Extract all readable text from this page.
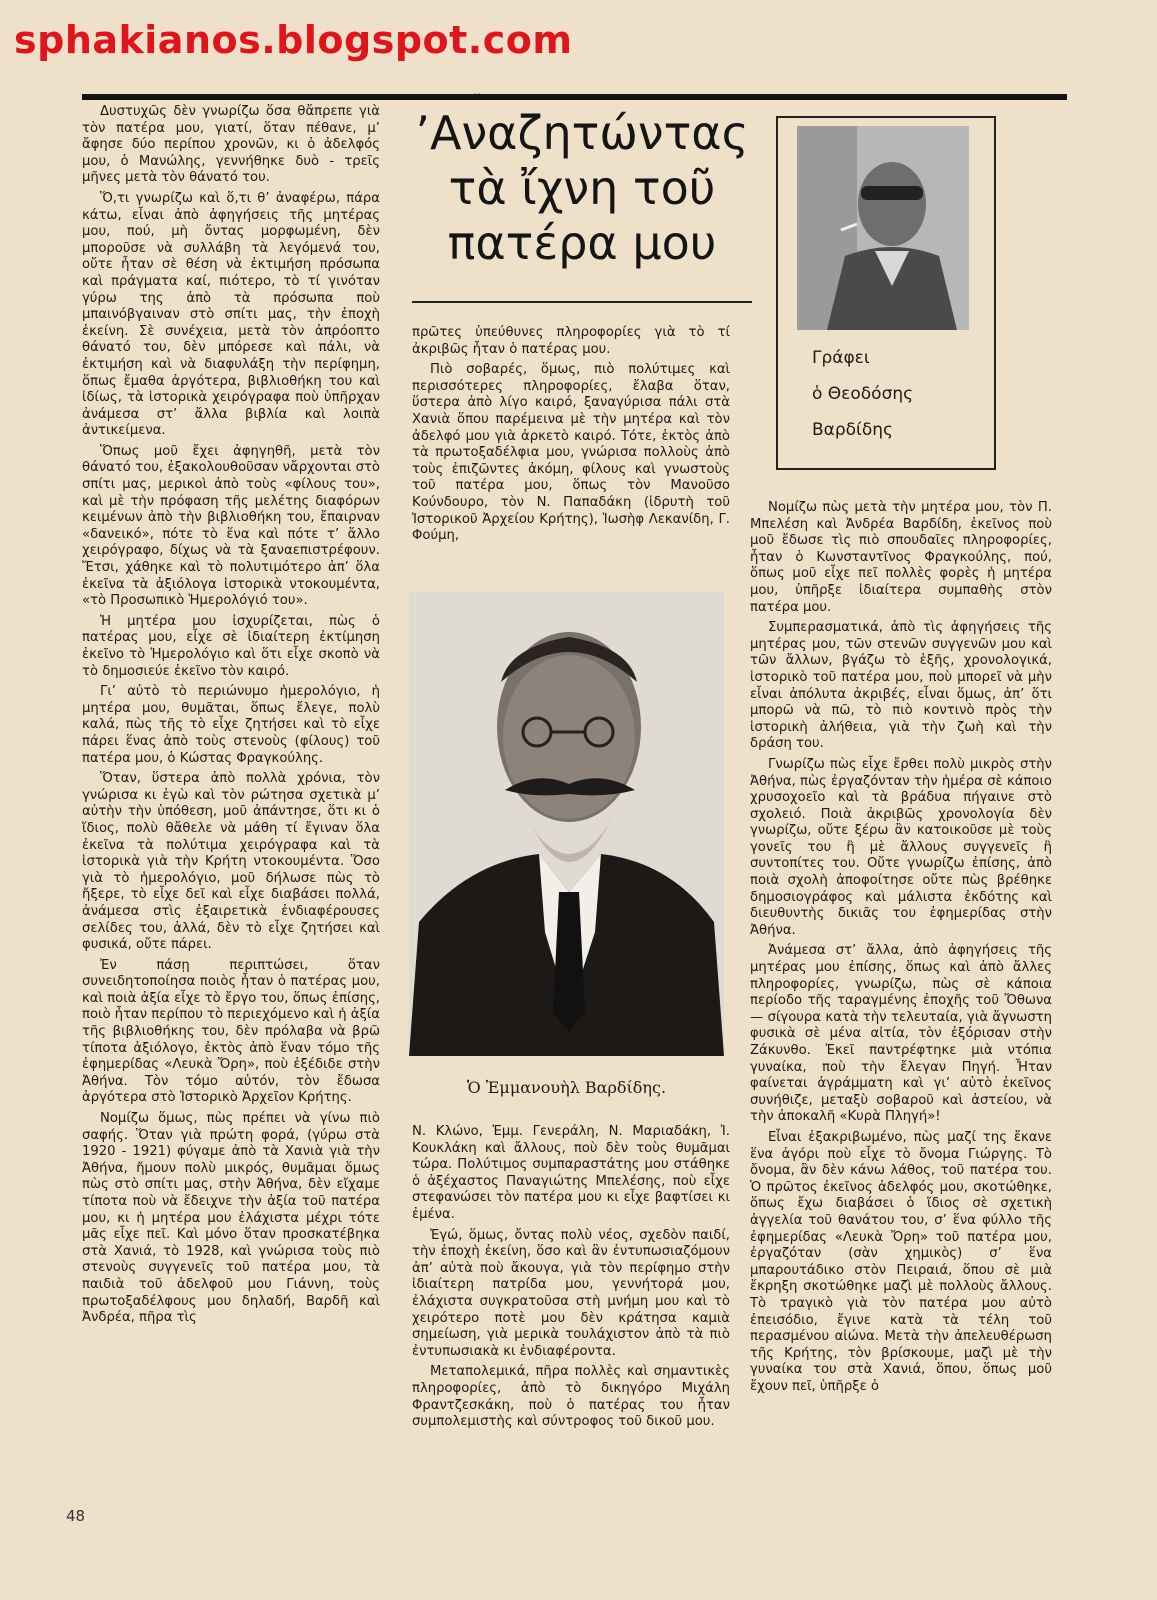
sphakianos.blogspot.com
❧

Δυστυχῶς δὲν γνωρίζω ὅσα θἄπρεπε γιὰ τὸν πατέρα μου, γιατί, ὅταν πέθανε, μ’ ἄφησε δύο περίπου χρονῶν, κι ὁ ἀδελφός μου, ὁ Μανώλης, γεννήθηκε δυὸ - τρεῖς μῆνες μετὰ τὸν θάνατό του.

Ὅ,τι γνωρίζω καὶ ὅ,τι θ’ ἀναφέρω, πάρα κάτω, εἶναι ἀπὸ ἀφηγήσεις τῆς μητέρας μου, πού, μὴ ὄντας μορφωμένη, δὲν μποροῦσε νὰ συλλάβη τὰ λεγόμενά του, οὔτε ἦταν σὲ θέση νὰ ἐκτιμήση πρόσωπα καὶ πράγματα καί, πιότερο, τὸ τί γινόταν γύρω της ἀπὸ τὰ πρόσωπα ποὺ μπαινόβγαιναν στὸ σπίτι μας, τὴν ἐποχὴ ἐκείνη. Σὲ συνέχεια, μετὰ τὸν ἀπρόοπτο θάνατό του, δὲν μπόρεσε καὶ πάλι, νὰ ἐκτιμήση καὶ νὰ διαφυλάξη τὴν περίφημη, ὅπως ἔμαθα ἀργότερα, βιβλιοθήκη του καὶ ἰδίως, τὰ ἱστορικὰ χειρόγραφα ποὺ ὑπῆρχαν ἀνάμεσα στ’ ἄλλα βιβλία καὶ λοιπὰ ἀντικείμενα.

Ὅπως μοῦ ἔχει ἀφηγηθῆ, μετὰ τὸν θάνατό του, ἐξακολουθοῦσαν νἄρχονται στὸ σπίτι μας, μερικοὶ ἀπὸ τοὺς «φίλους του», καὶ μὲ τὴν πρόφαση τῆς μελέτης διαφόρων κειμένων ἀπὸ τὴν βιβλιοθήκη του, ἔπαιρναν «δανεικό», πότε τὸ ἕνα καὶ πότε τ’ ἄλλο χειρόγραφο, δίχως νὰ τὰ ξαναεπιστρέφουν. Ἔτσι, χάθηκε καὶ τὸ πολυτιμότερο ἀπ’ ὅλα ἐκεῖνα τὰ ἀξιόλογα ἱστορικὰ ντοκουμέντα, «τὸ Προσωπικὸ Ἡμερολόγιό του».

Ἡ μητέρα μου ἰσχυρίζεται, πὼς ὁ πατέρας μου, εἶχε σὲ ἰδιαίτερη ἐκτίμηση ἐκεῖνο τὸ Ἡμερολόγιο καὶ ὅτι εἶχε σκοπὸ νὰ τὸ δημοσιεύε ἐκεῖνο τὸν καιρό.

Γι’ αὐτὸ τὸ περιώνυμο ἡμερολόγιο, ἡ μητέρα μου, θυμᾶται, ὅπως ἔλεγε, πολὺ καλά, πὼς τῆς τὸ εἶχε ζητήσει καὶ τὸ εἶχε πάρει ἕνας ἀπὸ τοὺς στενοὺς (φίλους) τοῦ πατέρα μου, ὁ Κώστας Φραγκούλης.

Ὅταν, ὕστερα ἀπὸ πολλὰ χρόνια, τὸν γνώρισα κι ἐγὼ καὶ τὸν ρώτησα σχετικὰ μ’ αὐτὴν τὴν ὑπόθεση, μοῦ ἀπάντησε, ὅτι κι ὁ ἴδιος, πολὺ θἄθελε νὰ μάθη τί ἔγιναν ὅλα ἐκεῖνα τὰ πολύτιμα χειρόγραφα καὶ τὰ ἱστορικὰ γιὰ τὴν Κρήτη ντοκουμέντα. Ὅσο γιὰ τὸ ἡμερολόγιο, μοῦ δήλωσε πὼς τὸ ἤξερε, τὸ εἶχε δεῖ καὶ εἶχε διαβάσει πολλά, ἀνάμεσα στὶς ἐξαιρετικὰ ἐνδιαφέρουσες σελίδες του, ἀλλά, δὲν τὸ εἶχε ζητήσει καὶ φυσικά, οὔτε πάρει.

Ἐν πάσῃ περιπτώσει, ὅταν συνειδητοποίησα ποιὸς ἦταν ὁ πατέρας μου, καὶ ποιὰ ἀξία εἶχε τὸ ἔργο του, ὅπως ἐπίσης, ποιὸ ἦταν περίπου τὸ περιεχόμενο καὶ ἡ ἀξία τῆς βιβλιοθήκης του, δὲν πρόλαβα νὰ βρῶ τίποτα ἀξιόλογο, ἐκτὸς ἀπὸ ἕναν τόμο τῆς ἐφημερίδας «Λευκὰ Ὄρη», ποὺ ἐξέδιδε στὴν Ἀθήνα. Τὸν τόμο αὐτόν, τὸν ἔδωσα ἀργότερα στὸ Ἱστορικὸ Ἀρχεῖον Κρήτης.

Νομίζω ὅμως, πὼς πρέπει νὰ γίνω πιὸ σαφής. Ὅταν γιὰ πρώτη φορά, (γύρω στὰ 1920 - 1921) φύγαμε ἀπὸ τὰ Χανιὰ γιὰ τὴν Ἀθήνα, ἤμουν πολὺ μικρός, θυμᾶμαι ὅμως πὼς στὸ σπίτι μας, στὴν Ἀθήνα, δὲν εἴχαμε τίποτα ποὺ νὰ ἔδειχνε τὴν ἀξία τοῦ πατέρα μου, κι ἡ μητέρα μου ἐλάχιστα μέχρι τότε μᾶς εἶχε πεῖ. Καὶ μόνο ὅταν προσκατέβηκα στὰ Χανιά, τὸ 1928, καὶ γνώρισα τοὺς πιὸ στενοὺς συγγενεῖς τοῦ πατέρα μου, τὰ παιδιὰ τοῦ ἀδελφοῦ μου Γιάννη, τοὺς πρωτοξαδέλφους μου δηλαδή, Βαρδῆ καὶ Ἀνδρέα, πῆρα τὶς

’Αναζητώντας
τὰ ἴχνη τοῦ
πατέρα μου
Γράφει
ὁ Θεοδόσης
Βαρδίδης

πρῶτες ὑπεύθυνες πληροφορίες γιὰ τὸ τί ἀκριβῶς ἦταν ὁ πατέρας μου.

Πιὸ σοβαρές, ὅμως, πιὸ πολύτιμες καὶ περισσότερες πληροφορίες, ἔλαβα ὅταν, ὕστερα ἀπὸ λίγο καιρό, ξαναγύρισα πάλι στὰ Χανιὰ ὅπου παρέμεινα μὲ τὴν μητέρα καὶ τὸν ἀδελφό μου γιὰ ἀρκετὸ καιρό. Τότε, ἐκτὸς ἀπὸ τὰ πρωτοξαδέλφια μου, γνώρισα πολλοὺς ἀπὸ τοὺς ἐπιζῶντες ἀκόμη, φίλους καὶ γνωστοὺς τοῦ πατέρα μου, ὅπως τὸν Μανοῦσο Κούνδουρο, τὸν Ν. Παπαδάκη (ἱδρυτὴ τοῦ Ἱστορικοῦ Ἀρχείου Κρήτης), Ἰωσὴφ Λεκανίδη, Γ. Φούμη,

Ὁ Ἐμμανουὴλ Βαρδίδης.

Ν. Κλώνο, Ἐμμ. Γενεράλη, Ν. Μαριαδάκη, Ἰ. Κουκλάκη καὶ ἄλλους, ποὺ δὲν τοὺς θυμᾶμαι τώρα. Πολύτιμος συμπαραστάτης μου στάθηκε ὁ ἀξέχαστος Παναγιώτης Μπελέσης, ποὺ εἶχε στεφανώσει τὸν πατέρα μου κι εἶχε βαφτίσει κι ἐμένα.

Ἐγώ, ὅμως, ὄντας πολὺ νέος, σχεδὸν παιδί, τὴν ἐποχὴ ἐκείνη, ὅσο καὶ ἂν ἐντυπωσιαζόμουν ἀπ’ αὐτὰ ποὺ ἄκουγα, γιὰ τὸν περίφημο στὴν ἰδιαίτερη πατρίδα μου, γεννήτορά μου, ἐλάχιστα συγκρατοῦσα στὴ μνήμη μου καὶ τὸ χειρότερο ποτὲ μου δὲν κράτησα καμιὰ σημείωση, γιὰ μερικὰ τουλάχιστον ἀπὸ τὰ πιὸ ἐντυπωσιακὰ κι ἐνδιαφέροντα.

Μεταπολεμικά, πῆρα πολλὲς καὶ σημαντικὲς πληροφορίες, ἀπὸ τὸ δικηγόρο Μιχάλη Φραντζεσκάκη, ποὺ ὁ πατέρας του ἦταν συμπολεμιστὴς καὶ σύντροφος τοῦ δικοῦ μου.

Νομίζω πὼς μετὰ τὴν μητέρα μου, τὸν Π. Μπελέση καὶ Ἀνδρέα Βαρδίδη, ἐκεῖνος ποὺ μοῦ ἔδωσε τὶς πιὸ σπουδαῖες πληροφορίες, ἦταν ὁ Κωνσταντῖνος Φραγκούλης, πού, ὅπως μοῦ εἶχε πεῖ πολλὲς φορὲς ἡ μητέρα μου, ὑπῆρξε ἰδιαίτερα συμπαθὴς στὸν πατέρα μου.

Συμπερασματικά, ἀπὸ τὶς ἀφηγήσεις τῆς μητέρας μου, τῶν στενῶν συγγενῶν μου καὶ τῶν ἄλλων, βγάζω τὸ ἑξῆς, χρονολογικά, ἱστορικὸ τοῦ πατέρα μου, ποὺ μπορεῖ νὰ μὴν εἶναι ἀπόλυτα ἀκριβές, εἶναι ὅμως, ἀπ’ ὅτι μπορῶ νὰ πῶ, τὸ πιὸ κοντινὸ πρὸς τὴν ἱστορικὴ ἀλήθεια, γιὰ τὴν ζωὴ καὶ τὴν δράση του.

Γνωρίζω πὼς εἶχε ἔρθει πολὺ μικρὸς στὴν Ἀθήνα, πὼς ἐργαζόνταν τὴν ἡμέρα σὲ κάποιο χρυσοχοεῖο καὶ τὰ βράδυα πήγαινε στὸ σχολειό. Ποιὰ ἀκριβῶς χρονολογία δὲν γνωρίζω, οὔτε ξέρω ἂν κατοικοῦσε μὲ τοὺς γονεῖς του ἢ μὲ ἄλλους συγγενεῖς ἢ συντοπίτες του. Οὔτε γνωρίζω ἐπίσης, ἀπὸ ποιὰ σχολὴ ἀποφοίτησε οὔτε πὼς βρέθηκε δημοσιογράφος καὶ μάλιστα ἐκδότης καὶ διευθυντὴς δικιᾶς του ἐφημερίδας στὴν Ἀθήνα.

Ἀνάμεσα στ’ ἄλλα, ἀπὸ ἀφηγήσεις τῆς μητέρας μου ἐπίσης, ὅπως καὶ ἀπὸ ἄλλες πληροφορίες, γνωρίζω, πὼς σὲ κάποια περίοδο τῆς ταραγμένης ἐποχῆς τοῦ Ὄθωνα — σίγουρα κατὰ τὴν τελευταία, γιὰ ἄγνωστη φυσικὰ σὲ μένα αἰτία, τὸν ἐξόρισαν στὴν Ζάκυνθο. Ἐκεῖ παντρέφτηκε μιὰ ντόπια γυναίκα, ποὺ τὴν ἔλεγαν Πηγή. Ἦταν φαίνεται ἀγράμματη καὶ γι’ αὐτὸ ἐκεῖνος συνήθιζε, μεταξὺ σοβαροῦ καὶ ἀστείου, νὰ τὴν ἀποκαλῆ «Κυρὰ Πληγή»!

Εἶναι ἐξακριβωμένο, πὼς μαζί της ἔκανε ἕνα ἀγόρι ποὺ εἶχε τὸ ὄνομα Γιώργης. Τὸ ὄνομα, ἂν δὲν κάνω λάθος, τοῦ πατέρα του. Ὁ πρῶτος ἐκεῖνος ἀδελφός μου, σκοτώθηκε, ὅπως ἔχω διαβάσει ὁ ἴδιος σὲ σχετικὴ ἀγγελία τοῦ θανάτου του, σ’ ἕνα φύλλο τῆς ἐφημερίδας «Λευκὰ Ὄρη» τοῦ πατέρα μου, ἐργαζόταν (σὰν χημικὸς) σ’ ἕνα μπαρουτάδικο στὸν Πειραιά, ὅπου σὲ μιὰ ἔκρηξη σκοτώθηκε μαζὶ μὲ πολλοὺς ἄλλους. Τὸ τραγικὸ γιὰ τὸν πατέρα μου αὐτὸ ἐπεισόδιο, ἔγινε κατὰ τὰ τέλη τοῦ περασμένου αἰώνα. Μετὰ τὴν ἀπελευθέρωση τῆς Κρήτης, τὸν βρίσκουμε, μαζὶ μὲ τὴν γυναίκα του στὰ Χανιά, ὅπου, ὅπως μοῦ ἔχουν πεῖ, ὑπῆρξε ὁ

48
